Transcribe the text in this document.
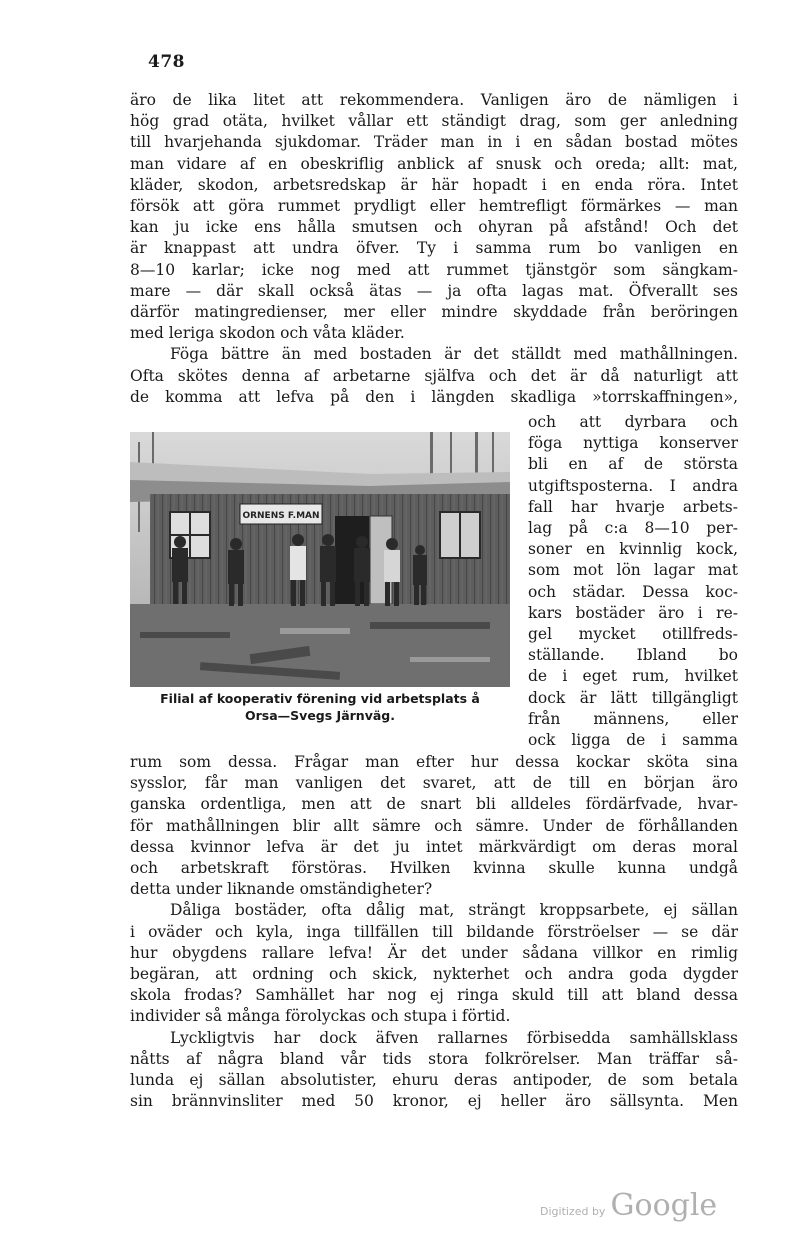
478
äro de lika litet att rekommendera. Vanligen äro de nämligen i
hög grad otäta, hvilket vållar ett ständigt drag, som ger anledning
till hvarjehanda sjukdomar. Träder man in i en sådan bostad mötes
man vidare af en obeskriflig anblick af snusk och oreda; allt: mat,
kläder, skodon, arbetsredskap är här hopadt i en enda röra. Intet
försök att göra rummet prydligt eller hemtrefligt förmärkes — man
kan ju icke ens hålla smutsen och ohyran på afstånd! Och det
är knappast att undra öfver. Ty i samma rum bo vanligen en
8—10 karlar; icke nog med att rummet tjänstgör som sängkam-
mare — där skall också ätas — ja ofta lagas mat. Öfverallt ses
därför matingredienser, mer eller mindre skyddade från beröringen
med leriga skodon och våta kläder.
Föga bättre än med bostaden är det ställdt med mathållningen.
Ofta skötes denna af arbetarne själfva och det är då naturligt att
de komma att lefva på den i längden skadliga »torrskaffningen»,
och att dyrbara och
föga nyttiga konserver
bli en af de största
utgiftsposterna. I andra
fall har hvarje arbets-
lag på c:a 8—10 per-
soner en kvinnlig kock,
som mot lön lagar mat
och städar. Dessa koc-
kars bostäder äro i re-
gel mycket otillfreds-
ställande. Ibland bo
de i eget rum, hvilket
dock är lätt tillgängligt
från männens, eller
ock ligga de i samma
ORNENS F.MAN
Filial af kooperativ förening vid arbetsplats å
Orsa—Svegs Järnväg.
rum som dessa. Frågar man efter hur dessa kockar sköta sina
sysslor, får man vanligen det svaret, att de till en början äro
ganska ordentliga, men att de snart bli alldeles fördärfvade, hvar-
för mathållningen blir allt sämre och sämre. Under de förhållanden
dessa kvinnor lefva är det ju intet märkvärdigt om deras moral
och arbetskraft förstöras. Hvilken kvinna skulle kunna undgå
detta under liknande omständigheter?
Dåliga bostäder, ofta dålig mat, strängt kroppsarbete, ej sällan
i oväder och kyla, inga tillfällen till bildande förströelser — se där
hur obygdens rallare lefva! Är det under sådana villkor en rimlig
begäran, att ordning och skick, nykterhet och andra goda dygder
skola frodas? Samhället har nog ej ringa skuld till att bland dessa
individer så många förolyckas och stupa i förtid.
Lyckligtvis har dock äfven rallarnes förbisedda samhällsklass
nåtts af några bland vår tids stora folkrörelser. Man träffar så-
lunda ej sällan absolutister, ehuru deras antipoder, de som betala
sin brännvinsliter med 50 kronor, ej heller äro sällsynta. Men
Digitized by Google
